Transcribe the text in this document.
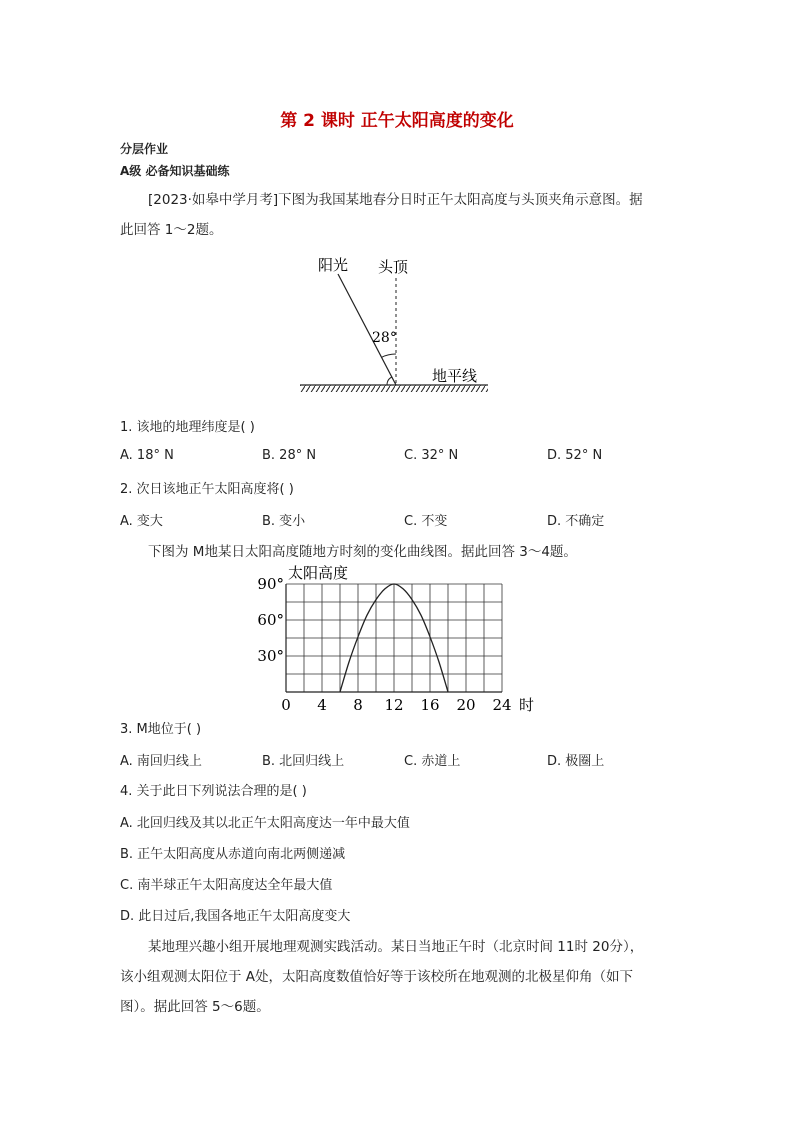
第 2 课时 正午太阳高度的变化
分层作业
A级 必备知识基础练
[2023·如皋中学月考]下图为我国某地春分日时正午太阳高度与头顶夹角示意图。据
此回答 1～2题。
阳光 头顶
28°
地平线
1. 该地的地理纬度是( )
A. 18° N	B. 28° N	C. 32° N	D. 52° N
2. 次日该地正午太阳高度将( )
A. 变大	B. 变小	C. 不变	D. 不确定
下图为 M地某日太阳高度随地方时刻的变化曲线图。据此回答 3～4题。
0 4 8 12 16 20 24
30°
60°
90°
太阳高度
时
3. M地位于( )
A. 南回归线上	B. 北回归线上	C. 赤道上	D. 极圈上
4. 关于此日下列说法合理的是( )
A. 北回归线及其以北正午太阳高度达一年中最大值
B. 正午太阳高度从赤道向南北两侧递减
C. 南半球正午太阳高度达全年最大值
D. 此日过后,我国各地正午太阳高度变大
某地理兴趣小组开展地理观测实践活动。某日当地正午时（北京时间 11时 20分），
该小组观测太阳位于 A处，太阳高度数值恰好等于该校所在地观测的北极星仰角（如下
图）。据此回答 5～6题。
